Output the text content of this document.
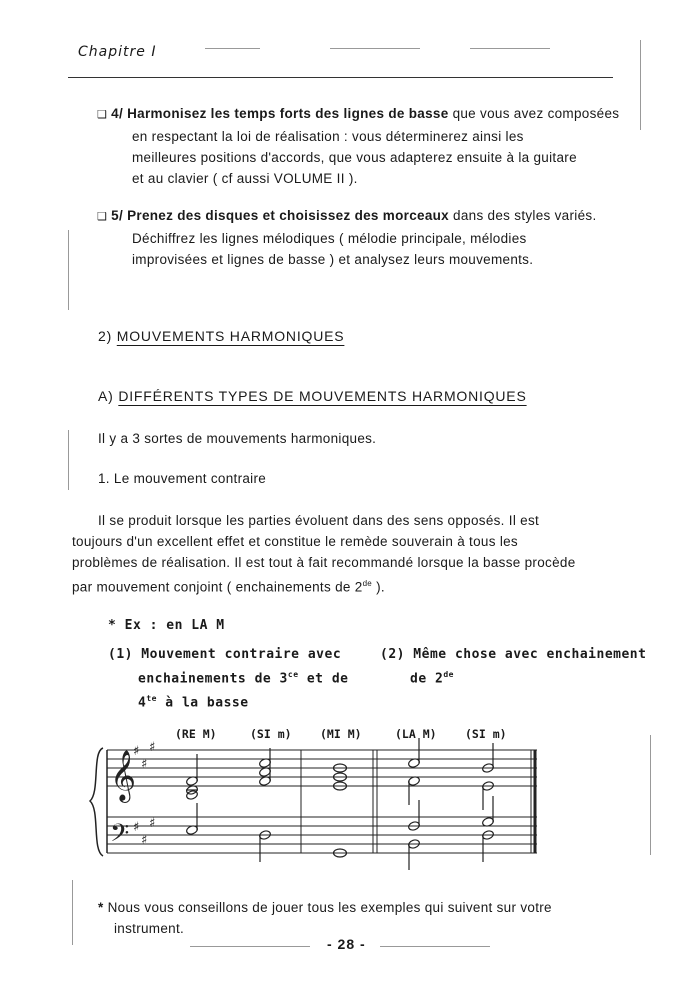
Chapitre I
❑ 4/ Harmonisez les temps forts des lignes de basse que vous avez composées
en respectant la loi de réalisation : vous déterminerez ainsi les
meilleures positions d'accords, que vous adapterez ensuite à la guitare
et au clavier ( cf aussi VOLUME II ).
❑ 5/ Prenez des disques et choisissez des morceaux dans des styles variés.
Déchiffrez les lignes mélodiques ( mélodie principale, mélodies
improvisées et lignes de basse ) et analysez leurs mouvements.
2) MOUVEMENTS HARMONIQUES
A) DIFFÉRENTS TYPES DE MOUVEMENTS HARMONIQUES
Il y a 3 sortes de mouvements harmoniques.
1. Le mouvement contraire
Il se produit lorsque les parties évoluent dans des sens opposés. Il est
toujours d'un excellent effet et constitue le remède souverain à tous les
problèmes de réalisation. Il est tout à fait recommandé lorsque la basse procède
par mouvement conjoint ( enchainements de 2de ).
* Ex : en LA M
(1) Mouvement contraire avec
enchainements de $3^{ce}$ et de
$4^{te}$ à la basse
(2) Même chose avec enchainement
de 2de
(RE M)	(SI m) (MI M)	(LA M) (SI m)
𝄞
𝄢
♯
♯
♯
♯
♯
♯
* Nous vous conseillons de jouer tous les exemples qui suivent sur votre
instrument.
- 28 -
